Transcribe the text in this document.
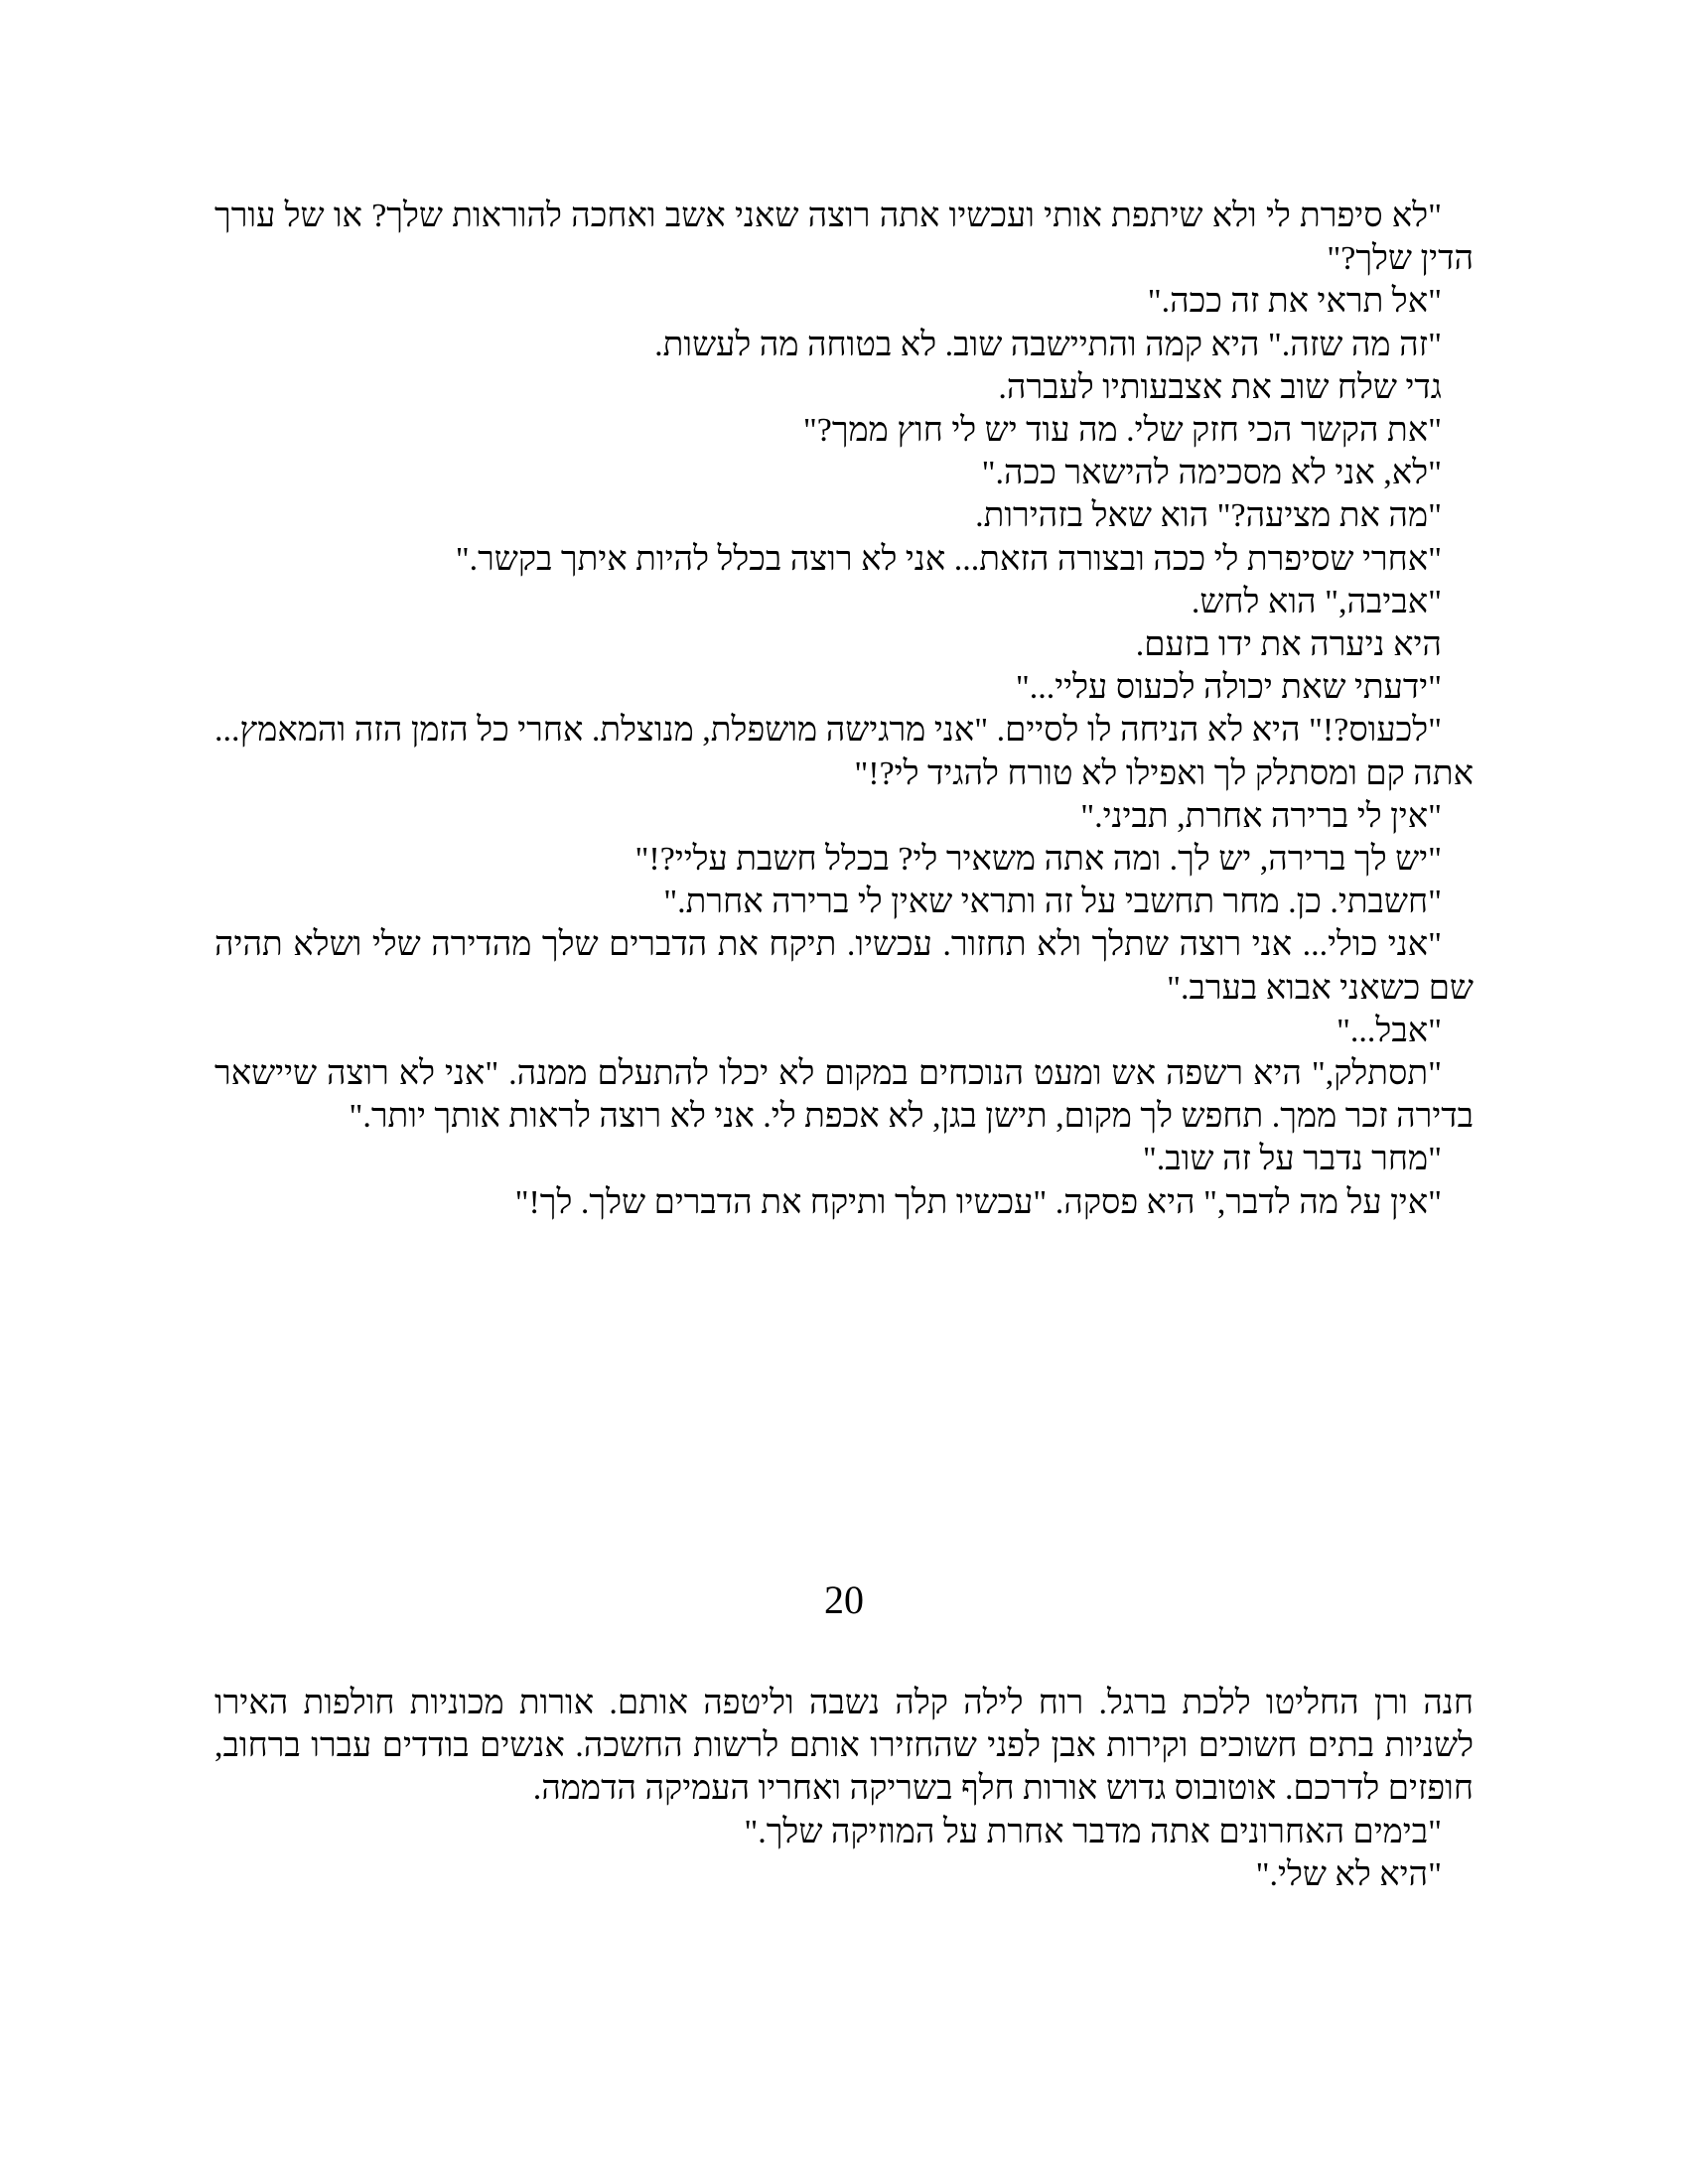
"לא סיפרת לי ולא שיתפת אותי ועכשיו אתה רוצה שאני אשב ואחכה להוראות שלך? או של עורך הדין שלך?"

"אל תראי את זה ככה."

"זה מה שזה." היא קמה והתיישבה שוב. לא בטוחה מה לעשות.

גדי שלח שוב את אצבעותיו לעברה.

"את הקשר הכי חזק שלי. מה עוד יש לי חוץ ממך?"

"לא, אני לא מסכימה להישאר ככה."

"מה את מציעה?" הוא שאל בזהירות.

"אחרי שסיפרת לי ככה ובצורה הזאת... אני לא רוצה בכלל להיות איתך בקשר."

"אביבה," הוא לחש.

היא ניערה את ידו בזעם.

"ידעתי שאת יכולה לכעוס עליי..."

"לכעוס?!" היא לא הניחה לו לסיים. "אני מרגישה מושפלת, מנוצלת. אחרי כל הזמן הזה והמאמץ... אתה קם ומסתלק לך ואפילו לא טורח להגיד לי?!"

"אין לי ברירה אחרת, תביני."

"יש לך ברירה, יש לך. ומה אתה משאיר לי? בכלל חשבת עליי?!"

"חשבתי. כן. מחר תחשבי על זה ותראי שאין לי ברירה אחרת."

"אני כולי... אני רוצה שתלך ולא תחזור. עכשיו. תיקח את הדברים שלך מהדירה שלי ושלא תהיה שם כשאני אבוא בערב."

"אבל..."

"תסתלק," היא רשפה אש ומעט הנוכחים במקום לא יכלו להתעלם ממנה. "אני לא רוצה שיישאר בדירה זכר ממך. תחפש לך מקום, תישן בגן, לא אכפת לי. אני לא רוצה לראות אותך יותר."

"מחר נדבר על זה שוב."

"אין על מה לדבר," היא פסקה. "עכשיו תלך ותיקח את הדברים שלך. לך!"

20

חנה ורן החליטו ללכת ברגל. רוח לילה קלה נשבה וליטפה אותם. אורות מכוניות חולפות האירו לשניות בתים חשוכים וקירות אבן לפני שהחזירו אותם לרשות החשכה. אנשים בודדים עברו ברחוב, חופזים לדרכם. אוטובוס גדוש אורות חלף בשריקה ואחריו העמיקה הדממה.

"בימים האחרונים אתה מדבר אחרת על המוזיקה שלך."

"היא לא שלי."
